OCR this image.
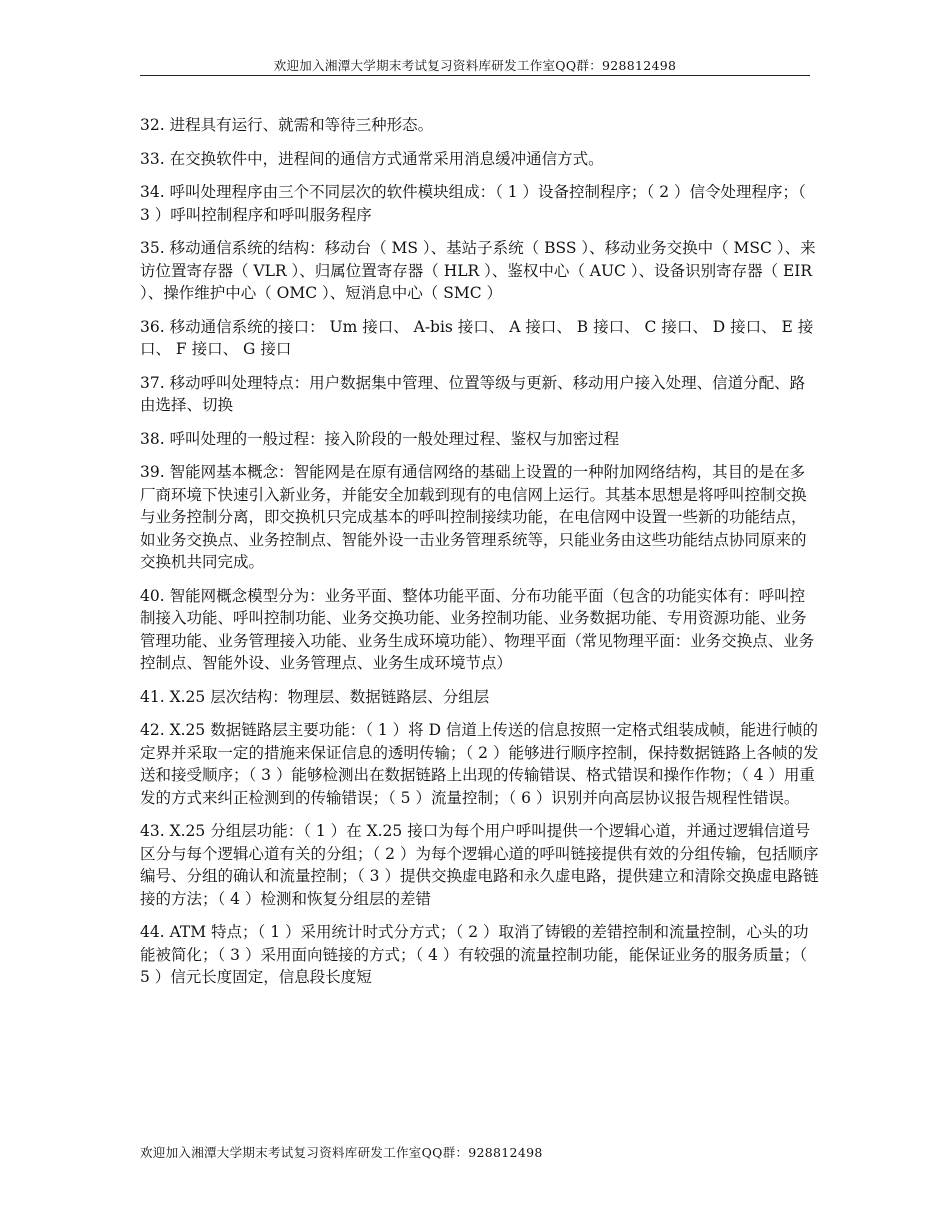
欢迎加入湘潭大学期末考试复习资料库研发工作室QQ群：928812498

32. 进程具有运行、就需和等待三种形态。

33. 在交换软件中，进程间的通信方式通常采用消息缓冲通信方式。

34. 呼叫处理程序由三个不同层次的软件模块组成：（ 1 ）设备控制程序；（ 2 ）信令处理程序；（ 3 ）呼叫控制程序和呼叫服务程序

35. 移动通信系统的结构：移动台（ MS ）、基站子系统（ BSS ）、移动业务交换中（ MSC ）、来访位置寄存器（ VLR ）、归属位置寄存器（ HLR ）、鉴权中心（ AUC ）、设备识别寄存器（ EIR ）、操作维护中心（ OMC ）、短消息中心（ SMC ）

36. 移动通信系统的接口： Um 接口、 A-bis 接口、 A 接口、 B 接口、 C 接口、 D 接口、 E 接口、 F 接口、 G 接口

37. 移动呼叫处理特点：用户数据集中管理、位置等级与更新、移动用户接入处理、信道分配、路由选择、切换

38. 呼叫处理的一般过程：接入阶段的一般处理过程、鉴权与加密过程

39. 智能网基本概念：智能网是在原有通信网络的基础上设置的一种附加网络结构，其目的是在多厂商环境下快速引入新业务，并能安全加载到现有的电信网上运行。其基本思想是将呼叫控制交换与业务控制分离，即交换机只完成基本的呼叫控制接续功能，在电信网中设置一些新的功能结点，如业务交换点、业务控制点、智能外设一击业务管理系统等，只能业务由这些功能结点协同原来的交换机共同完成。

40. 智能网概念模型分为：业务平面、整体功能平面、分布功能平面（包含的功能实体有：呼叫控制接入功能、呼叫控制功能、业务交换功能、业务控制功能、业务数据功能、专用资源功能、业务管理功能、业务管理接入功能、业务生成环境功能）、物理平面（常见物理平面：业务交换点、业务控制点、智能外设、业务管理点、业务生成环境节点）

41. X.25 层次结构：物理层、数据链路层、分组层

42. X.25 数据链路层主要功能：（ 1 ）将 D 信道上传送的信息按照一定格式组装成帧，能进行帧的定界并采取一定的措施来保证信息的透明传输；（ 2 ）能够进行顺序控制，保持数据链路上各帧的发送和接受顺序；（ 3 ）能够检测出在数据链路上出现的传输错误、格式错误和操作作物；（ 4 ）用重发的方式来纠正检测到的传输错误；（ 5 ）流量控制；（ 6 ）识别并向高层协议报告规程性错误。

43. X.25 分组层功能：（ 1 ）在 X.25 接口为每个用户呼叫提供一个逻辑心道，并通过逻辑信道号区分与每个逻辑心道有关的分组；（ 2 ）为每个逻辑心道的呼叫链接提供有效的分组传输，包括顺序编号、分组的确认和流量控制；（ 3 ）提供交换虚电路和永久虚电路，提供建立和清除交换虚电路链接的方法；（ 4 ）检测和恢复分组层的差错

44. ATM 特点；（ 1 ）采用统计时式分方式；（ 2 ）取消了铸锻的差错控制和流量控制，心头的功能被简化；（ 3 ）采用面向链接的方式；（ 4 ）有较强的流量控制功能，能保证业务的服务质量；（ 5 ）信元长度固定，信息段长度短

欢迎加入湘潭大学期末考试复习资料库研发工作室QQ群：928812498
